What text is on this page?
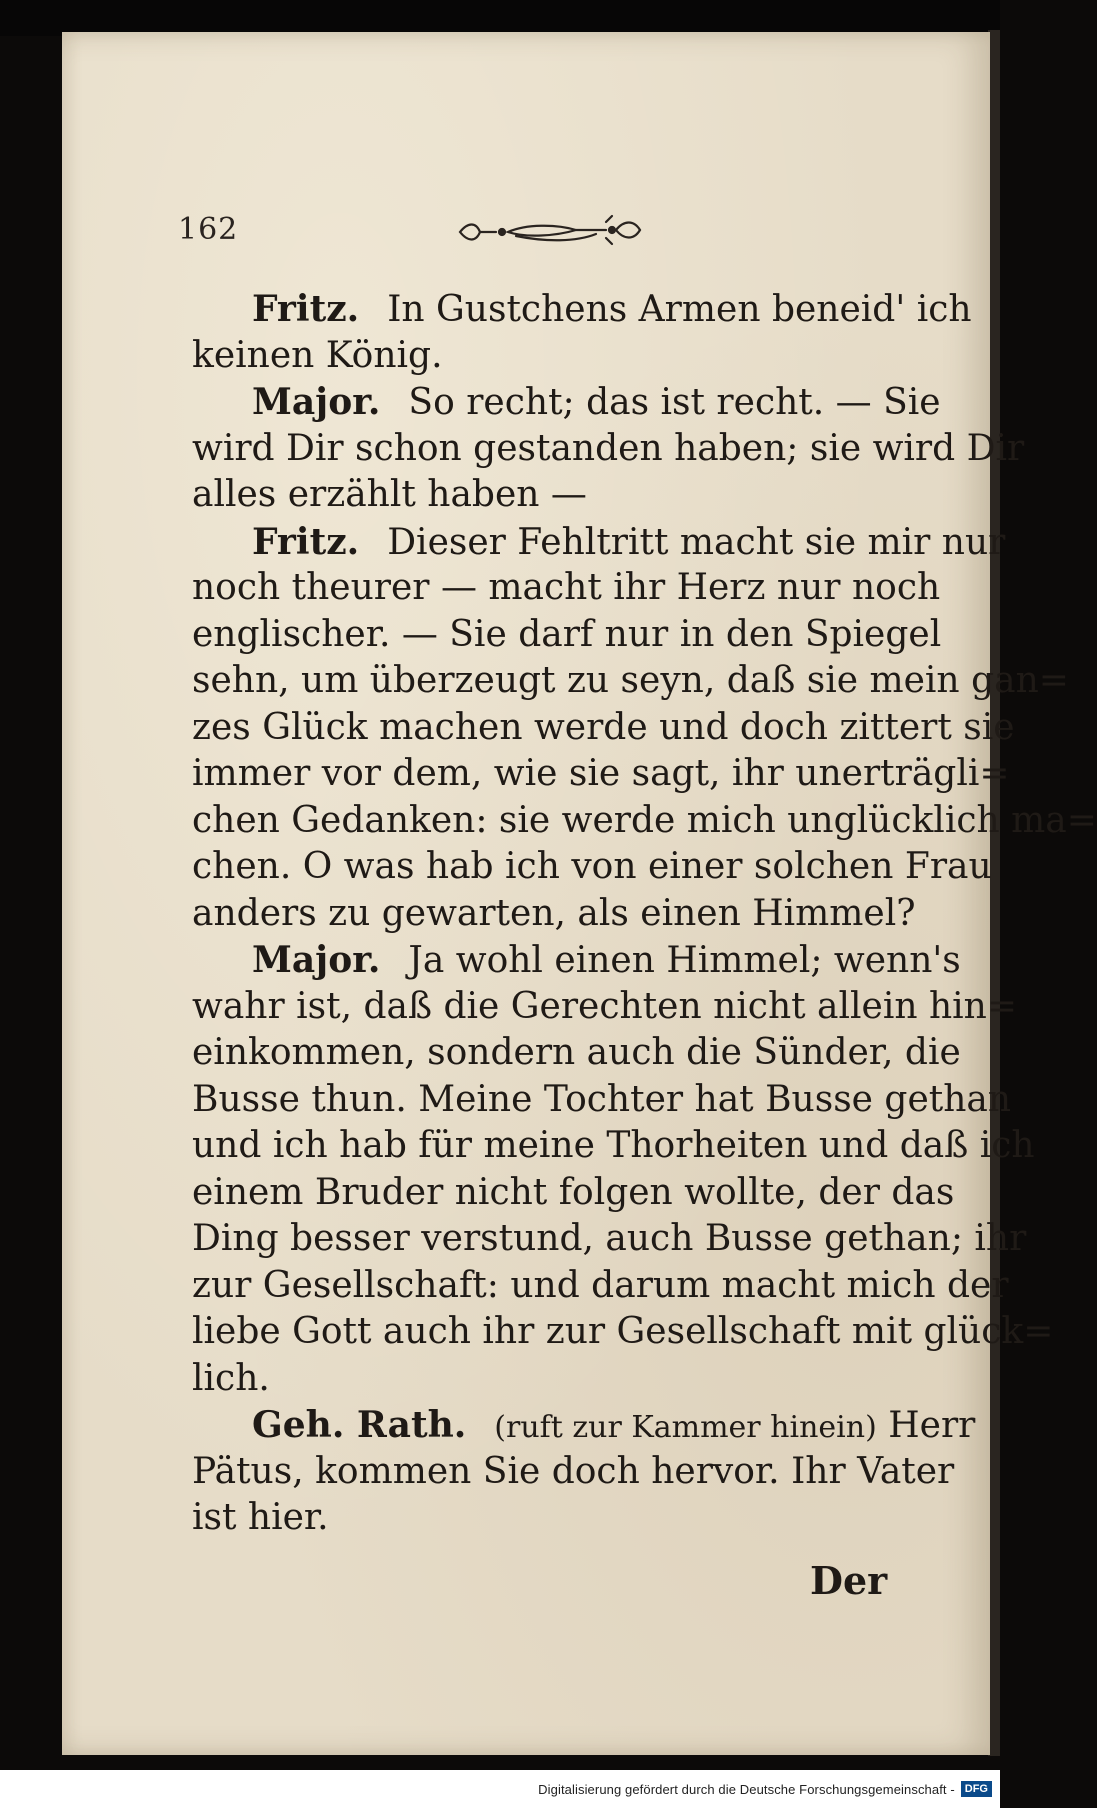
162
Fritz. In Gustchens Armen beneid' ich
keinen König.
Major. So recht; das ist recht. — Sie
wird Dir schon gestanden haben; sie wird Dir
alles erzählt haben —
Fritz. Dieser Fehltritt macht sie mir nur
noch theurer — macht ihr Herz nur noch
englischer. — Sie darf nur in den Spiegel
sehn, um überzeugt zu seyn, daß sie mein gan=
zes Glück machen werde und doch zittert sie
immer vor dem, wie sie sagt, ihr unerträgli=
chen Gedanken: sie werde mich unglücklich ma=
chen. O was hab ich von einer solchen Frau
anders zu gewarten, als einen Himmel?
Major. Ja wohl einen Himmel; wenn's
wahr ist, daß die Gerechten nicht allein hin=
einkommen, sondern auch die Sünder, die
Busse thun. Meine Tochter hat Busse gethan
und ich hab für meine Thorheiten und daß ich
einem Bruder nicht folgen wollte, der das
Ding besser verstund, auch Busse gethan; ihr
zur Gesellschaft: und darum macht mich der
liebe Gott auch ihr zur Gesellschaft mit glück=
lich.
Geh. Rath. (ruft zur Kammer hinein) Herr
Pätus, kommen Sie doch hervor. Ihr Vater
ist hier.
Der
Digitalisierung gefördert durch die Deutsche Forschungsgemeinschaft - DFG
